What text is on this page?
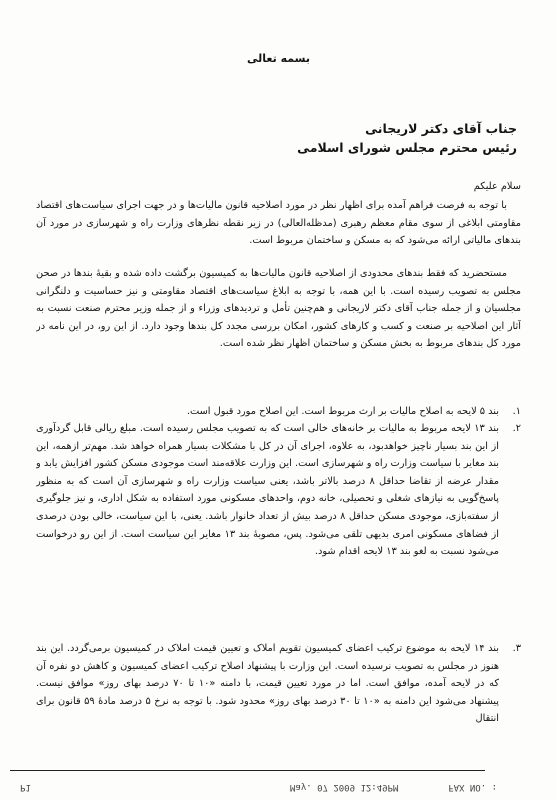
بسمه تعالی
جناب آقای دکتر لاریجانی
رئیس محترم مجلس شورای اسلامی
سلام علیکم
با توجه به فرصت فراهم آمده برای اظهار نظر در مورد اصلاحیه قانون مالیات‌ها و در جهت اجرای سیاست‌های اقتصاد مقاومتی ابلاغی از سوی مقام معظم رهبری (مدظله‌العالی) در زیر نقطه نظرهای وزارت راه و شهرسازی در مورد آن بندهای مالیاتی ارائه می‌شود که به مسکن و ساختمان مربوط است.
مستحضرید که فقط بندهای محدودی از اصلاحیه قانون مالیات‌ها به کمیسیون برگشت داده شده و بقیهٔ بندها در صحن مجلس به تصویب رسیده است. با این همه، با توجه به ابلاغ سیاست‌های اقتصاد مقاومتی و نیز حساسیت و دلنگرانی مجلسیان و از جمله جناب آقای دکتر لاریجانی و هم‌چنین تأمل و تردیدهای وزراء و از جمله وزیر محترم صنعت نسبت به آثار این اصلاحیه بر صنعت و کسب و کارهای کشور، امکان بررسی مجدد کل بندها وجود دارد. از این رو، در این نامه در مورد کل بندهای مربوط به بخش مسکن و ساختمان اظهار نظر شده است.
۱.
بند ۵ لایحه به اصلاح مالیات بر ارث مربوط است. این اصلاح مورد قبول است.
۲.
بند ۱۳ لایحه مربوط به مالیات بر خانه‌های خالی است که به تصویب مجلس رسیده است. مبلغ ریالی قابل گردآوری از این بند بسیار ناچیز خواهدبود، به علاوه، اجرای آن در کل با مشکلات بسیار همراه خواهد شد. مهم‌تر ازهمه، این بند مغایر با سیاست وزارت راه و شهرسازی است. این وزارت علاقه‌مند است موجودی مسکن کشور افزایش یابد و مقدار عرضه از تقاضا حداقل ۸ درصد بالاتر باشد، یعنی سیاست وزارت راه و شهرسازی آن است که به منظور پاسخ‌گویی به نیازهای شغلی و تحصیلی، خانه دوم، واحدهای مسکونی مورد استفاده به شکل اداری، و نیز جلوگیری از سفته‌بازی، موجودی مسکن حداقل ۸ درصد بیش از تعداد خانوار باشد. یعنی، با این سیاست، خالی بودن درصدی از فضاهای مسکونی امری بدیهی تلقی می‌شود. پس، مصوبهٔ بند ۱۳ مغایر این سیاست است. از این رو درخواست می‌شود نسبت به لغو بند ۱۳ لایحه اقدام شود.
۳.
بند ۱۴ لایحه به موضوع ترکیب اعضای کمیسیون تقویم املاک و تعیین قیمت املاک در کمیسیون برمی‌گردد. این بند هنوز در مجلس به تصویب نرسیده است. این وزارت با پیشنهاد اصلاح ترکیب اعضای کمیسیون و کاهش دو نفره آن که در لایحه آمده، موافق است. اما در مورد تعیین قیمت، با دامنه «۱۰ تا ۷۰ درصد بهای روز» موافق نیست. پیشنهاد می‌شود این دامنه به «۱۰ تا ۳۰ درصد بهای روز» محدود شود. با توجه به نرخ ۵ درصد مادهٔ ۵۹ قانون برای انتقال
FAX NO. :
May. 07 2009 12:49PM
P1
